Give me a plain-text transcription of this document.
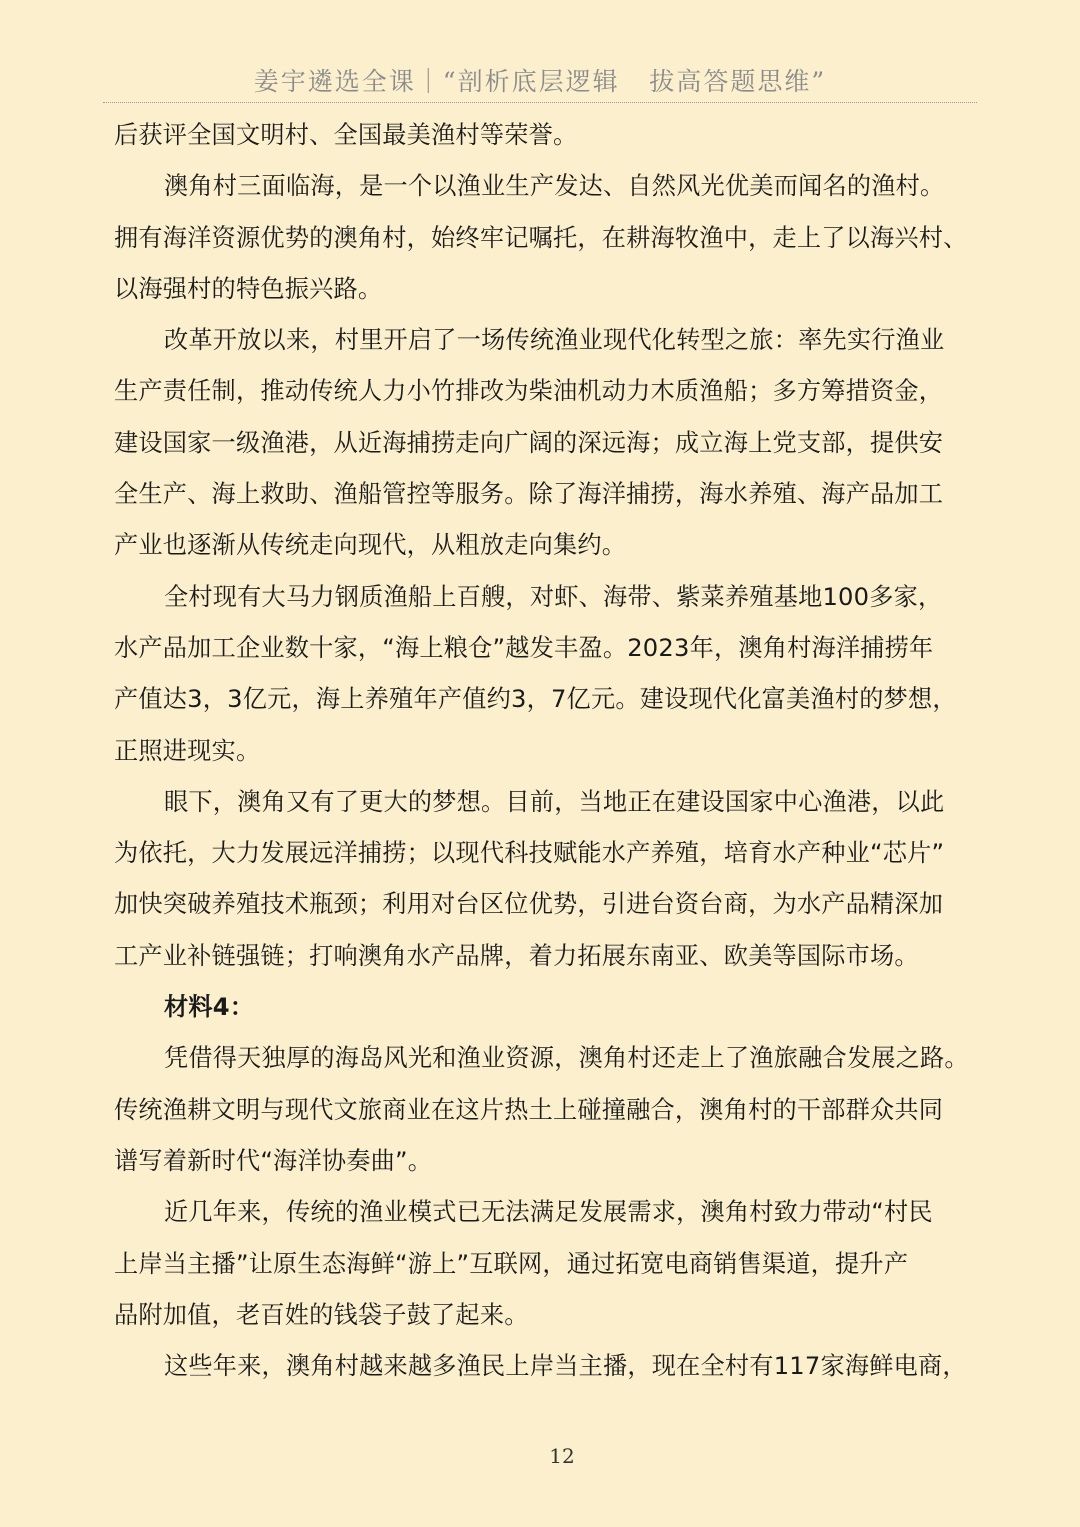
姜宇遴选全课｜“剖析底层逻辑   拔高答题思维”
后获评全国文明村、全国最美渔村等荣誉。
澳角村三面临海，是一个以渔业生产发达、自然风光优美而闻名的渔村。
拥有海洋资源优势的澳角村，始终牢记嘱托，在耕海牧渔中，走上了以海兴村、
以海强村的特色振兴路。
改革开放以来，村里开启了一场传统渔业现代化转型之旅：率先实行渔业
生产责任制，推动传统人力小竹排改为柴油机动力木质渔船；多方筹措资金，
建设国家一级渔港，从近海捕捞走向广阔的深远海；成立海上党支部，提供安
全生产、海上救助、渔船管控等服务。除了海洋捕捞，海水养殖、海产品加工
产业也逐渐从传统走向现代，从粗放走向集约。
全村现有大马力钢质渔船上百艘，对虾、海带、紫菜养殖基地100多家，
水产品加工企业数十家，“海上粮仓”越发丰盈。2023年，澳角村海洋捕捞年
产值达3，3亿元，海上养殖年产值约3，7亿元。建设现代化富美渔村的梦想，
正照进现实。
眼下，澳角又有了更大的梦想。目前，当地正在建设国家中心渔港，以此
为依托，大力发展远洋捕捞；以现代科技赋能水产养殖，培育水产种业“芯片”
加快突破养殖技术瓶颈；利用对台区位优势，引进台资台商，为水产品精深加
工产业补链强链；打响澳角水产品牌，着力拓展东南亚、欧美等国际市场。
材料4：
凭借得天独厚的海岛风光和渔业资源，澳角村还走上了渔旅融合发展之路。
传统渔耕文明与现代文旅商业在这片热土上碰撞融合，澳角村的干部群众共同
谱写着新时代“海洋协奏曲”。
近几年来，传统的渔业模式已无法满足发展需求，澳角村致力带动“村民
上岸当主播”让原生态海鲜“游上”互联网，通过拓宽电商销售渠道，提升产
品附加值，老百姓的钱袋子鼓了起来。
这些年来，澳角村越来越多渔民上岸当主播，现在全村有117家海鲜电商，
12
